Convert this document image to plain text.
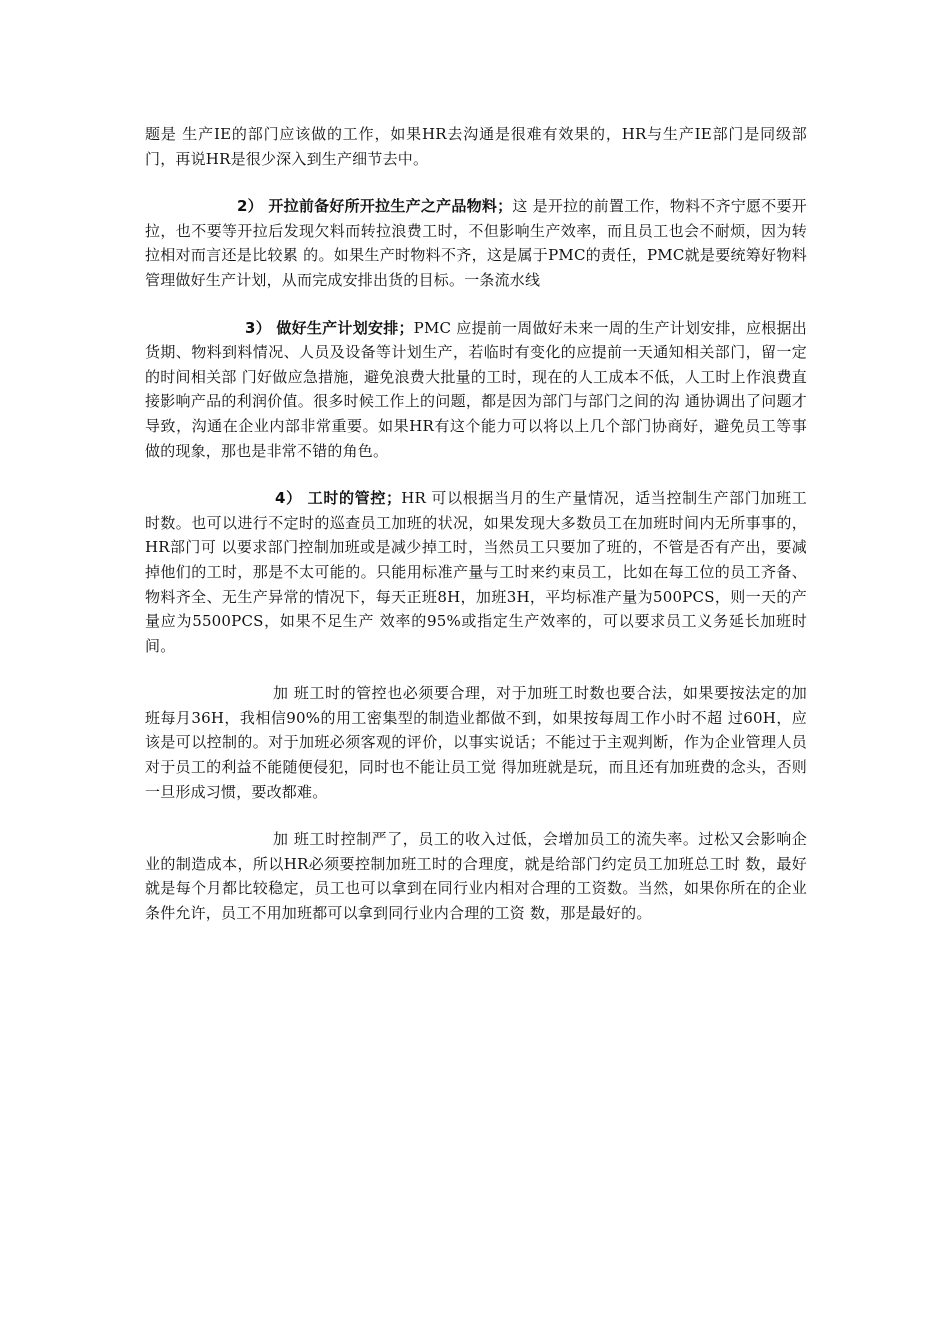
题是 生产IE的部门应该做的工作，如果HR去沟通是很难有效果的，HR与生产IE部门是同级部门，再说HR是很少深入到生产细节去中。

2） 开拉前备好所开拉生产之产品物料；这 是开拉的前置工作，物料不齐宁愿不要开拉，也不要等开拉后发现欠料而转拉浪费工时，不但影响生产效率，而且员工也会不耐烦，因为转拉相对而言还是比较累 的。如果生产时物料不齐，这是属于PMC的责任，PMC就是要统筹好物料管理做好生产计划，从而完成安排出货的目标。一条流水线

3） 做好生产计划安排；PMC 应提前一周做好未来一周的生产计划安排，应根据出货期、物料到料情况、人员及设备等计划生产，若临时有变化的应提前一天通知相关部门，留一定的时间相关部 门好做应急措施，避免浪费大批量的工时，现在的人工成本不低，人工时上作浪费直接影响产品的利润价值。很多时候工作上的问题，都是因为部门与部门之间的沟 通协调出了问题才导致，沟通在企业内部非常重要。如果HR有这个能力可以将以上几个部门协商好，避免员工等事做的现象，那也是非常不错的角色。

4） 工时的管控；HR 可以根据当月的生产量情况，适当控制生产部门加班工时数。也可以进行不定时的巡查员工加班的状况，如果发现大多数员工在加班时间内无所事事的，HR部门可 以要求部门控制加班或是减少掉工时，当然员工只要加了班的，不管是否有产出，要减掉他们的工时，那是不太可能的。只能用标准产量与工时来约束员工，比如在每工位的员工齐备、物料齐全、无生产异常的情况下，每天正班8H，加班3H，平均标准产量为500PCS，则一天的产量应为5500PCS，如果不足生产 效率的95%或指定生产效率的，可以要求员工义务延长加班时间。

加 班工时的管控也必须要合理，对于加班工时数也要合法，如果要按法定的加班每月36H，我相信90%的用工密集型的制造业都做不到，如果按每周工作小时不超 过60H，应该是可以控制的。对于加班必须客观的评价，以事实说话；不能过于主观判断，作为企业管理人员对于员工的利益不能随便侵犯，同时也不能让员工觉 得加班就是玩，而且还有加班费的念头，否则一旦形成习惯，要改都难。

加 班工时控制严了，员工的收入过低，会增加员工的流失率。过松又会影响企业的制造成本，所以HR必须要控制加班工时的合理度，就是给部门约定员工加班总工时 数，最好就是每个月都比较稳定，员工也可以拿到在同行业内相对合理的工资数。当然，如果你所在的企业条件允许，员工不用加班都可以拿到同行业内合理的工资 数，那是最好的。
